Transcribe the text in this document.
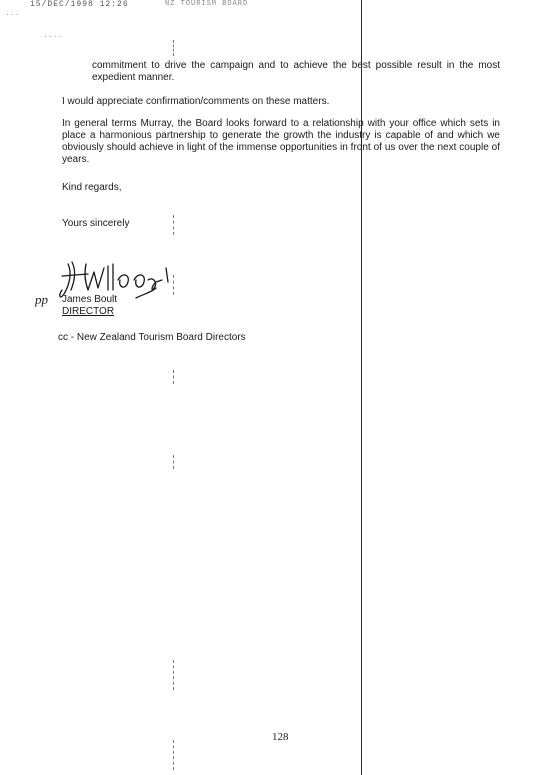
15/DEC/1998 12:26	NZ TOURISM BOARD
· · ·
· · · ·

commitment to drive the campaign and to achieve the best possible result in the most expedient manner.

I would appreciate confirmation/comments on these matters.

In general terms Murray, the Board looks forward to a relationship with your office which sets in place a harmonious partnership to generate the growth the industry is capable of and which we obviously should achieve in light of the immense opportunities in front of us over the next couple of years.

Kind regards,

Yours sincerely

pp James Boult

DIRECTOR

cc - New Zealand Tourism Board Directors

128
